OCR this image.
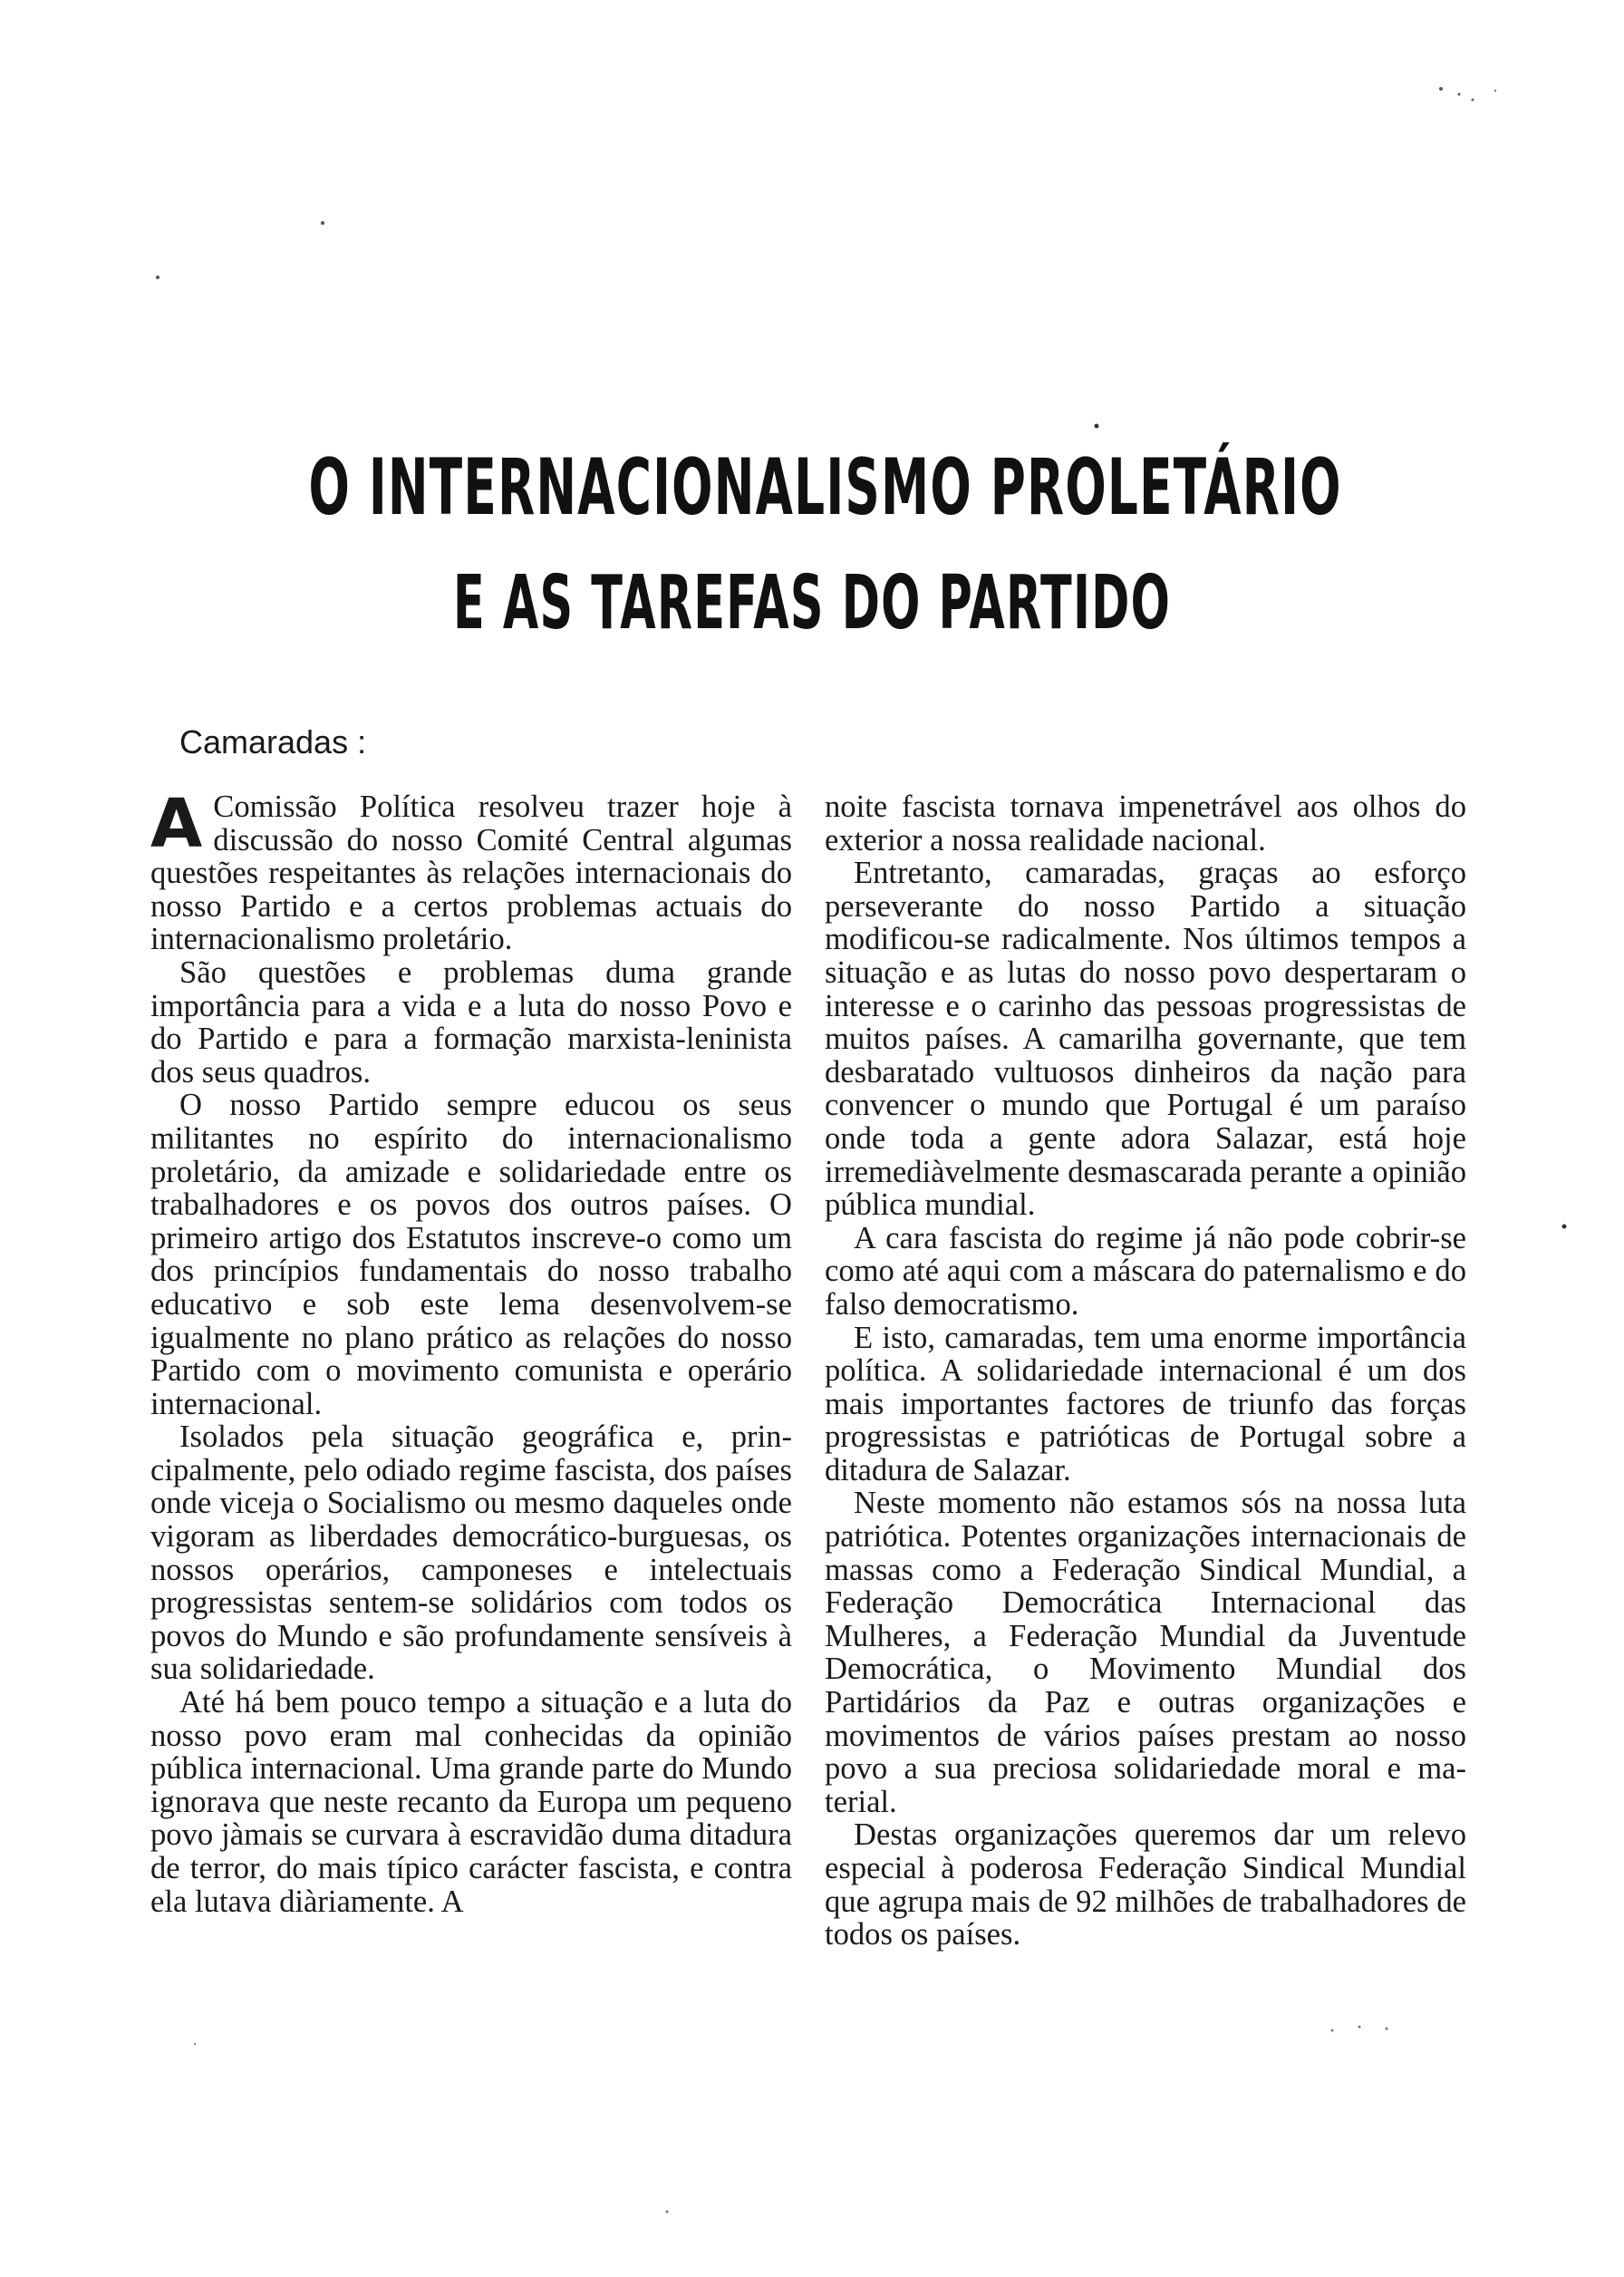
O INTERNACIONALISMO PROLETÁRIO
E AS TAREFAS DO PARTIDO

Camaradas :

A Comissão Política resolveu trazer hoje à discussão do nosso Comité Central algumas questões respeitantes às relações internacionais do nosso Partido e a certos problemas actuais do internacionalismo proletário.

São questões e problemas duma grande importância para a vida e a luta do nosso Povo e do Partido e para a formação marxista-leninista dos seus quadros.

O nosso Partido sempre educou os seus militantes no espírito do internacionalismo proletário, da amizade e solidariedade entre os trabalhadores e os povos dos outros países. O primeiro artigo dos Estatutos inscreve-o como um dos princípios fundamentais do nosso trabalho educativo e sob este lema desenvolvem-se igualmente no plano prático as relações do nosso Partido com o movimento comunista e operário internacional.

Isolados pela situação geográfica e, principalmente, pelo odiado regime fascista, dos países onde viceja o Socialismo ou mesmo daqueles onde vigoram as liberdades democrático-burguesas, os nossos operários, camponeses e intelectuais progressistas sentem-se solidários com todos os povos do Mundo e são profundamente sensíveis à sua solidariedade.

Até há bem pouco tempo a situação e a luta do nosso povo eram mal conhecidas da opinião pública internacional. Uma grande parte do Mundo ignorava que neste recanto da Europa um pequeno povo jàmais se curvara à escravidão duma ditadura de terror, do mais típico carácter fascista, e contra ela lutava diàriamente. A

noite fascista tornava impenetrável aos olhos do exterior a nossa realidade nacional.

Entretanto, camaradas, graças ao esforço perseverante do nosso Partido a situação modificou-se radicalmente. Nos últimos tempos a situação e as lutas do nosso povo despertaram o interesse e o carinho das pessoas progressistas de muitos países. A camarilha governante, que tem desbaratado vultuosos dinheiros da nação para convencer o mundo que Portugal é um paraíso onde toda a gente adora Salazar, está hoje irremediàvelmente desmascarada perante a opinião pública mundial.

A cara fascista do regime já não pode cobrir-se como até aqui com a máscara do paternalismo e do falso democratismo.

E isto, camaradas, tem uma enorme importância política. A solidariedade internacional é um dos mais importantes factores de triunfo das forças progressistas e patrióticas de Portugal sobre a ditadura de Salazar.

Neste momento não estamos sós na nossa luta patriótica. Potentes organizações internacionais de massas como a Federação Sindical Mundial, a Federação Democrática Internacional das Mulheres, a Federação Mundial da Juventude Democrática, o Movimento Mundial dos Partidários da Paz e outras organizações e movimentos de vários países prestam ao nosso povo a sua preciosa solidariedade moral e material.

Destas organizações queremos dar um relevo especial à poderosa Federação Sindical Mundial que agrupa mais de 92 milhões de trabalhadores de todos os países.
